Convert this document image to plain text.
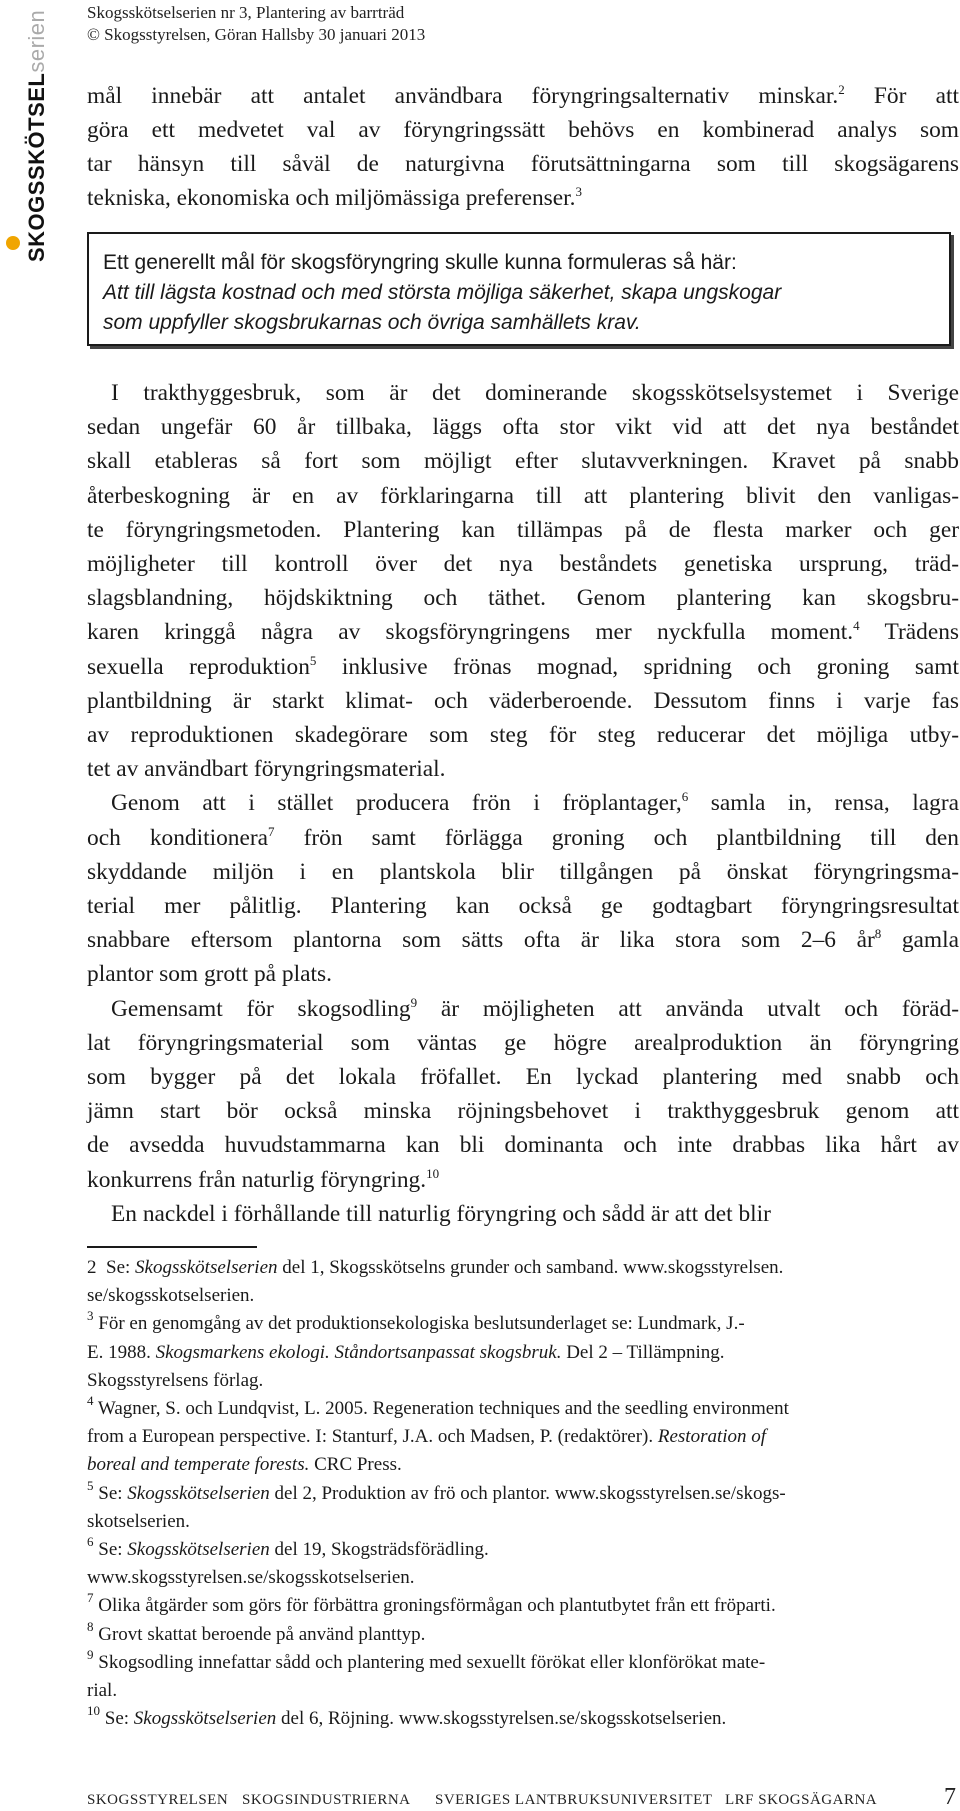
Skogsskötselserien nr 3, Plantering av barrträd
© Skogsstyrelsen, Göran Hallsby 30 januari 2013
SKOGSSKÖTSELserien
mål innebär att antalet användbara föryngringsalternativ minskar.$^2$ För att
göra ett medvetet val av föryngringssätt behövs en kombinerad analys som
tar hänsyn till såväl de naturgivna förutsättningarna som till skogsägarens
tekniska, ekonomiska och miljömässiga preferenser.$^3$
Ett generellt mål för skogsföryngring skulle kunna formuleras så här:
Att till lägsta kostnad och med största möjliga säkerhet, skapa ungskogar
som uppfyller skogsbrukarnas och övriga samhällets krav.
I trakthyggesbruk, som är det dominerande skogsskötselsystemet i Sverige
sedan ungefär 60 år tillbaka, läggs ofta stor vikt vid att det nya beståndet
skall etableras så fort som möjligt efter slutavverkningen. Kravet på snabb
återbeskogning är en av förklaringarna till att plantering blivit den vanligas-
te föryngringsmetoden. Plantering kan tillämpas på de flesta marker och ger
möjligheter till kontroll över det nya beståndets genetiska ursprung, träd-
slagsblandning, höjdskiktning och täthet. Genom plantering kan skogsbru-
karen kringgå några av skogsföryngringens mer nyckfulla moment.$^4$ Trädens
sexuella reproduktion$^5$ inklusive frönas mognad, spridning och groning samt
plantbildning är starkt klimat- och väderberoende. Dessutom finns i varje fas
av reproduktionen skadegörare som steg för steg reducerar det möjliga utby-
tet av användbart föryngringsmaterial.
Genom att i stället producera frön i fröplantager,$^6$ samla in, rensa, lagra
och konditionera$^7$ frön samt förlägga groning och plantbildning till den
skyddande miljön i en plantskola blir tillgången på önskat föryngringsma-
terial mer pålitlig. Plantering kan också ge godtagbart föryngringsresultat
snabbare eftersom plantorna som sätts ofta är lika stora som 2–6 $år^8$ gamla
plantor som grott på plats.
Gemensamt för skogsodling$^9$ är möjligheten att använda utvalt och föräd-
lat föryngringsmaterial som väntas ge högre arealproduktion än föryngring
som bygger på det lokala fröfallet. En lyckad plantering med snabb och
jämn start bör också minska röjningsbehovet i trakthyggesbruk genom att
de avsedda huvudstammarna kan bli dominanta och inte drabbas lika hårt av
konkurrens från naturlig föryngring.$^{10}$
En nackdel i förhållande till naturlig föryngring och sådd är att det blir
2 Se: Skogsskötselserien del 1, Skogsskötselns grunder och samband. www.skogsstyrelsen.
se/skogsskotselserien.
$^3$ För en genomgång av det produktionsekologiska beslutsunderlaget se: Lundmark, J.-
E. 1988. Skogsmarkens ekologi. Ståndortsanpassat skogsbruk. Del 2 – Tillämpning.
Skogsstyrelsens förlag.
$^4$ Wagner, S. och Lundqvist, L. 2005. Regeneration techniques and the seedling environment
from a European perspective. I: Stanturf, J.A. och Madsen, P. (redaktörer). Restoration of
boreal and temperate forests. CRC Press.
$^5$ Se: Skogsskötselserien del 2, Produktion av frö och plantor. www.skogsstyrelsen.se/skogs-
skotselserien.
$^6$ Se: Skogsskötselserien del 19, Skogsträdsförädling.
www.skogsstyrelsen.se/skogsskotselserien.
$^7$ Olika åtgärder som görs för förbättra groningsförmågan och plantutbytet från ett fröparti.
$^8$ Grovt skattat beroende på använd planttyp.
$^9$ Skogsodling innefattar sådd och plantering med sexuellt förökat eller klonförökat mate-
rial.
$^{10}$ Se: Skogsskötselserien del 6, Röjning. www.skogsstyrelsen.se/skogsskotselserien.
SKOGSSTYRELSEN SKOGSINDUSTRIERNA SVERIGES LANTBRUKSUNIVERSITET LRF SKOGSÄGARNA	7
